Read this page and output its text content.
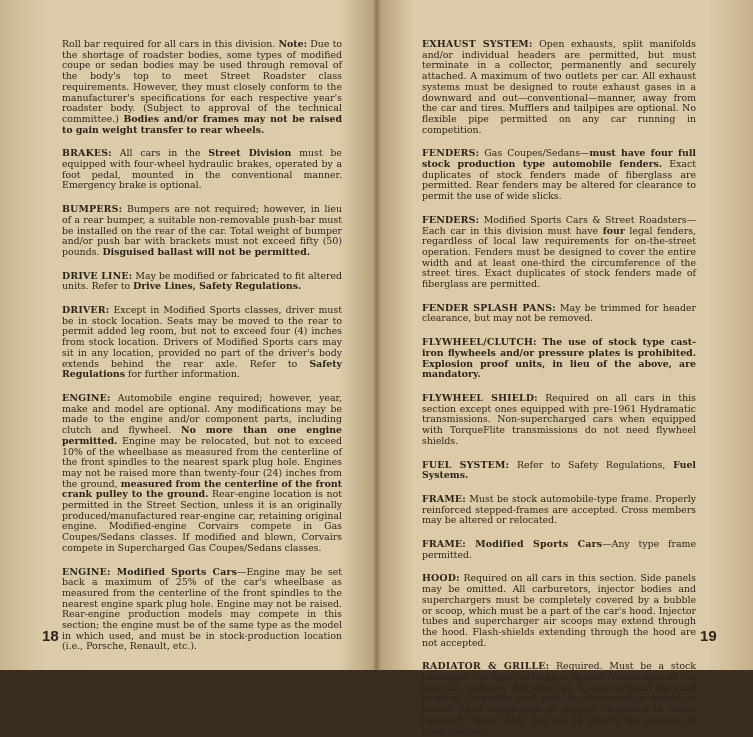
Roll bar required for all cars in this division. Note: Due to the shortage of roadster bodies, some types of modified coupe or sedan bodies may be used through removal of the body's top to meet Street Roadster class requirements. However, they must closely conform to the manufacturer's specifications for each respective year's roadster body. (Subject to approval of the technical committee.) Bodies and/or frames may not be raised to gain weight transfer to rear wheels.

BRAKES: All cars in the Street Division must be equipped with four-wheel hydraulic brakes, operated by a foot pedal, mounted in the conventional manner. Emergency brake is optional.

BUMPERS: Bumpers are not required; however, in lieu of a rear bumper, a suitable non-removable push-bar must be installed on the rear of the car. Total weight of bumper and/or push bar with brackets must not exceed fifty (50) pounds. Disguised ballast will not be permitted.

DRIVE LINE: May be modified or fabricated to fit altered units. Refer to Drive Lines, Safety Regulations.

DRIVER: Except in Modified Sports classes, driver must be in stock location. Seats may be moved to the rear to permit added leg room, but not to exceed four (4) inches from stock location. Drivers of Modified Sports cars may sit in any location, provided no part of the driver's body extends behind the rear axle. Refer to Safety Regulations for further information.

ENGINE: Automobile engine required; however, year, make and model are optional. Any modifications may be made to the engine and/or component parts, including clutch and flywheel. No more than one engine permitted. Engine may be relocated, but not to exceed 10% of the wheelbase as measured from the centerline of the front spindles to the nearest spark plug hole. Engines may not be raised more than twenty-four (24) inches from the ground, measured from the centerline of the front crank pulley to the ground. Rear-engine location is not permitted in the Street Section, unless it is an originally produced/manufactured rear-engine car, retaining original engine. Modified-engine Corvairs compete in Gas Coupes/Sedans classes. If modified and blown, Corvairs compete in Supercharged Gas Coupes/Sedans classes.

ENGINE: Modified Sports Cars—Engine may be set back a maximum of 25% of the car's wheelbase as measured from the centerline of the front spindles to the nearest engine spark plug hole. Engine may not be raised. Rear-engine production models may compete in this section; the engine must be of the same type as the model in which used, and must be in stock-production location (i.e., Porsche, Renault, etc.).

EXHAUST SYSTEM: Open exhausts, split manifolds and/or individual headers are permitted, but must terminate in a collector, permanently and securely attached. A maximum of two outlets per car. All exhaust systems must be designed to route exhaust gases in a downward and out—conventional—manner, away from the car and tires. Mufflers and tailpipes are optional. No flexible pipe permitted on any car running in competition.

FENDERS: Gas Coupes/Sedans—must have four full stock production type automobile fenders. Exact duplicates of stock fenders made of fiberglass are permitted. Rear fenders may be altered for clearance to permit the use of wide slicks.

FENDERS: Modified Sports Cars & Street Roadsters—Each car in this division must have four legal fenders, regardless of local law requirements for on-the-street operation. Fenders must be designed to cover the entire width and at least one-third the circumference of the street tires. Exact duplicates of stock fenders made of fiberglass are permitted.

FENDER SPLASH PANS: May be trimmed for header clearance, but may not be removed.

FLYWHEEL/CLUTCH: The use of stock type cast-iron flywheels and/or pressure plates is prohibited. Explosion proof units, in lieu of the above, are mandatory.

FLYWHEEL SHIELD: Required on all cars in this section except ones equipped with pre-1961 Hydramatic transmissions. Non-supercharged cars when equipped with TorqueFlite transmissions do not need flywheel shields.

FUEL SYSTEM: Refer to Safety Regulations, Fuel Systems.

FRAME: Must be stock automobile-type frame. Properly reinforced stepped-frames are accepted. Cross members may be altered or relocated.

FRAME: Modified Sports Cars—Any type frame permitted.

HOOD: Required on all cars in this section. Side panels may be omitted. All carburetors, injector bodies and superchargers must be completely covered by a bubble or scoop, which must be a part of the car's hood. Injector tubes and supercharger air scoops may extend through the hood. Flash-shields extending through the hood are not accepted.

RADIATOR & GRILLE: Required. Must be a stock passenger car-type, as large in overall frontal area as the original radiator, mounted in a conventional forward location. Radiator shell may be shortened in height to permit hood installation or ground clearance in street roadster classes only, but not to exceed the amount of body channel.

18	19
